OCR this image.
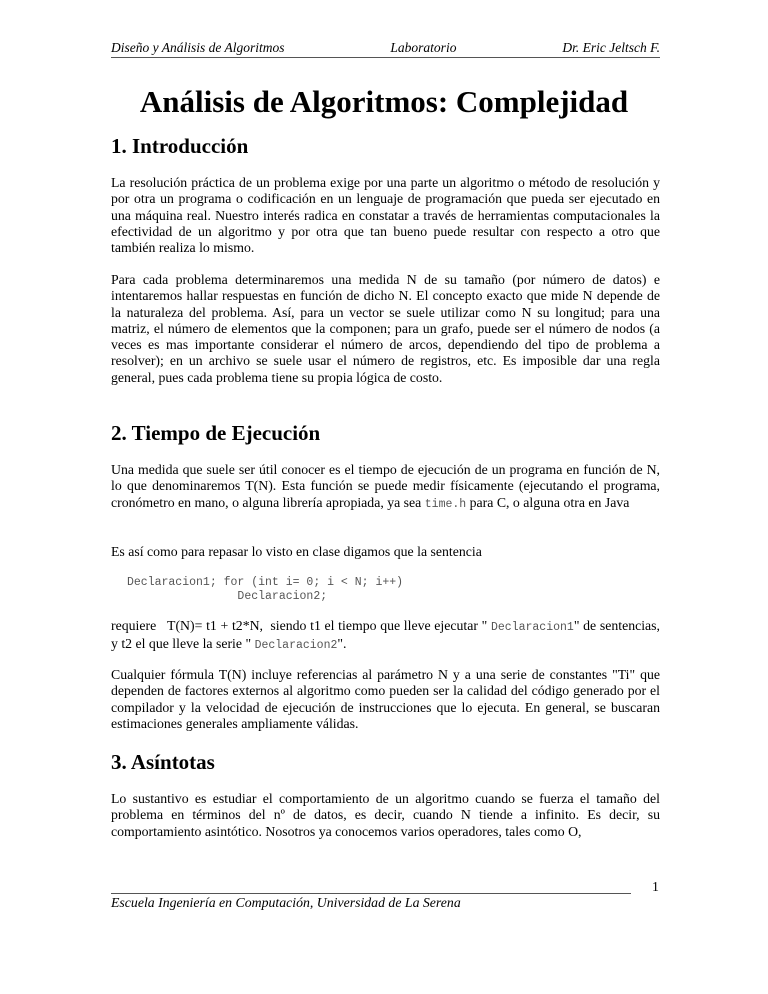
Diseño y Análisis de Algoritmos	Laboratorio	Dr. Eric Jeltsch F.
Análisis de Algoritmos: Complejidad
1. Introducción

La resolución práctica de un problema exige por una parte un algoritmo o método de resolución y por otra un programa o codificación en un lenguaje de programación que pueda ser ejecutado en una máquina real. Nuestro interés radica en constatar a través de herramientas computacionales la efectividad de un algoritmo y por otra que tan bueno puede resultar con respecto a otro que también realiza lo mismo.

Para cada problema determinaremos una medida N de su tamaño (por número de datos) e intentaremos hallar respuestas en función de dicho N. El concepto exacto que mide N depende de la naturaleza del problema. Así, para un vector se suele utilizar como N su longitud; para una matriz, el número de elementos que la componen; para un grafo, puede ser el número de nodos (a veces es mas importante considerar el número de arcos, dependiendo del tipo de problema a resolver); en un archivo se suele usar el número de registros, etc. Es imposible dar una regla general, pues cada problema tiene su propia lógica de costo.

2. Tiempo de Ejecución

Una medida que suele ser útil conocer es el tiempo de ejecución de un programa en función de N, lo que denominaremos T(N). Esta función se puede medir físicamente (ejecutando el programa, cronómetro en mano, o alguna librería apropiada, ya sea time.h para C, o alguna otra en Java

Es así como para repasar lo visto en clase digamos que la sentencia

Declaracion1; for (int i= 0; i < N; i++)
Declaracion2;

requiere   T(N)= t1 + t2*N,  siendo t1 el tiempo que lleve ejecutar " Declaracion1" de sentencias, y t2 el que lleve la serie " Declaracion2".

Cualquier fórmula T(N) incluye referencias al parámetro N y a una serie de constantes "Ti" que dependen de factores externos al algoritmo como pueden ser la calidad del código generado por el compilador y la velocidad de ejecución de instrucciones que lo ejecuta. En general, se buscaran estimaciones generales ampliamente válidas.

3. Asíntotas

Lo sustantivo es estudiar el comportamiento de un algoritmo cuando se fuerza el tamaño del problema en términos del nº de datos, es decir, cuando N tiende a infinito. Es decir, su comportamiento asintótico. Nosotros ya conocemos varios operadores, tales como O,

1
Escuela Ingeniería en Computación, Universidad de La Serena
